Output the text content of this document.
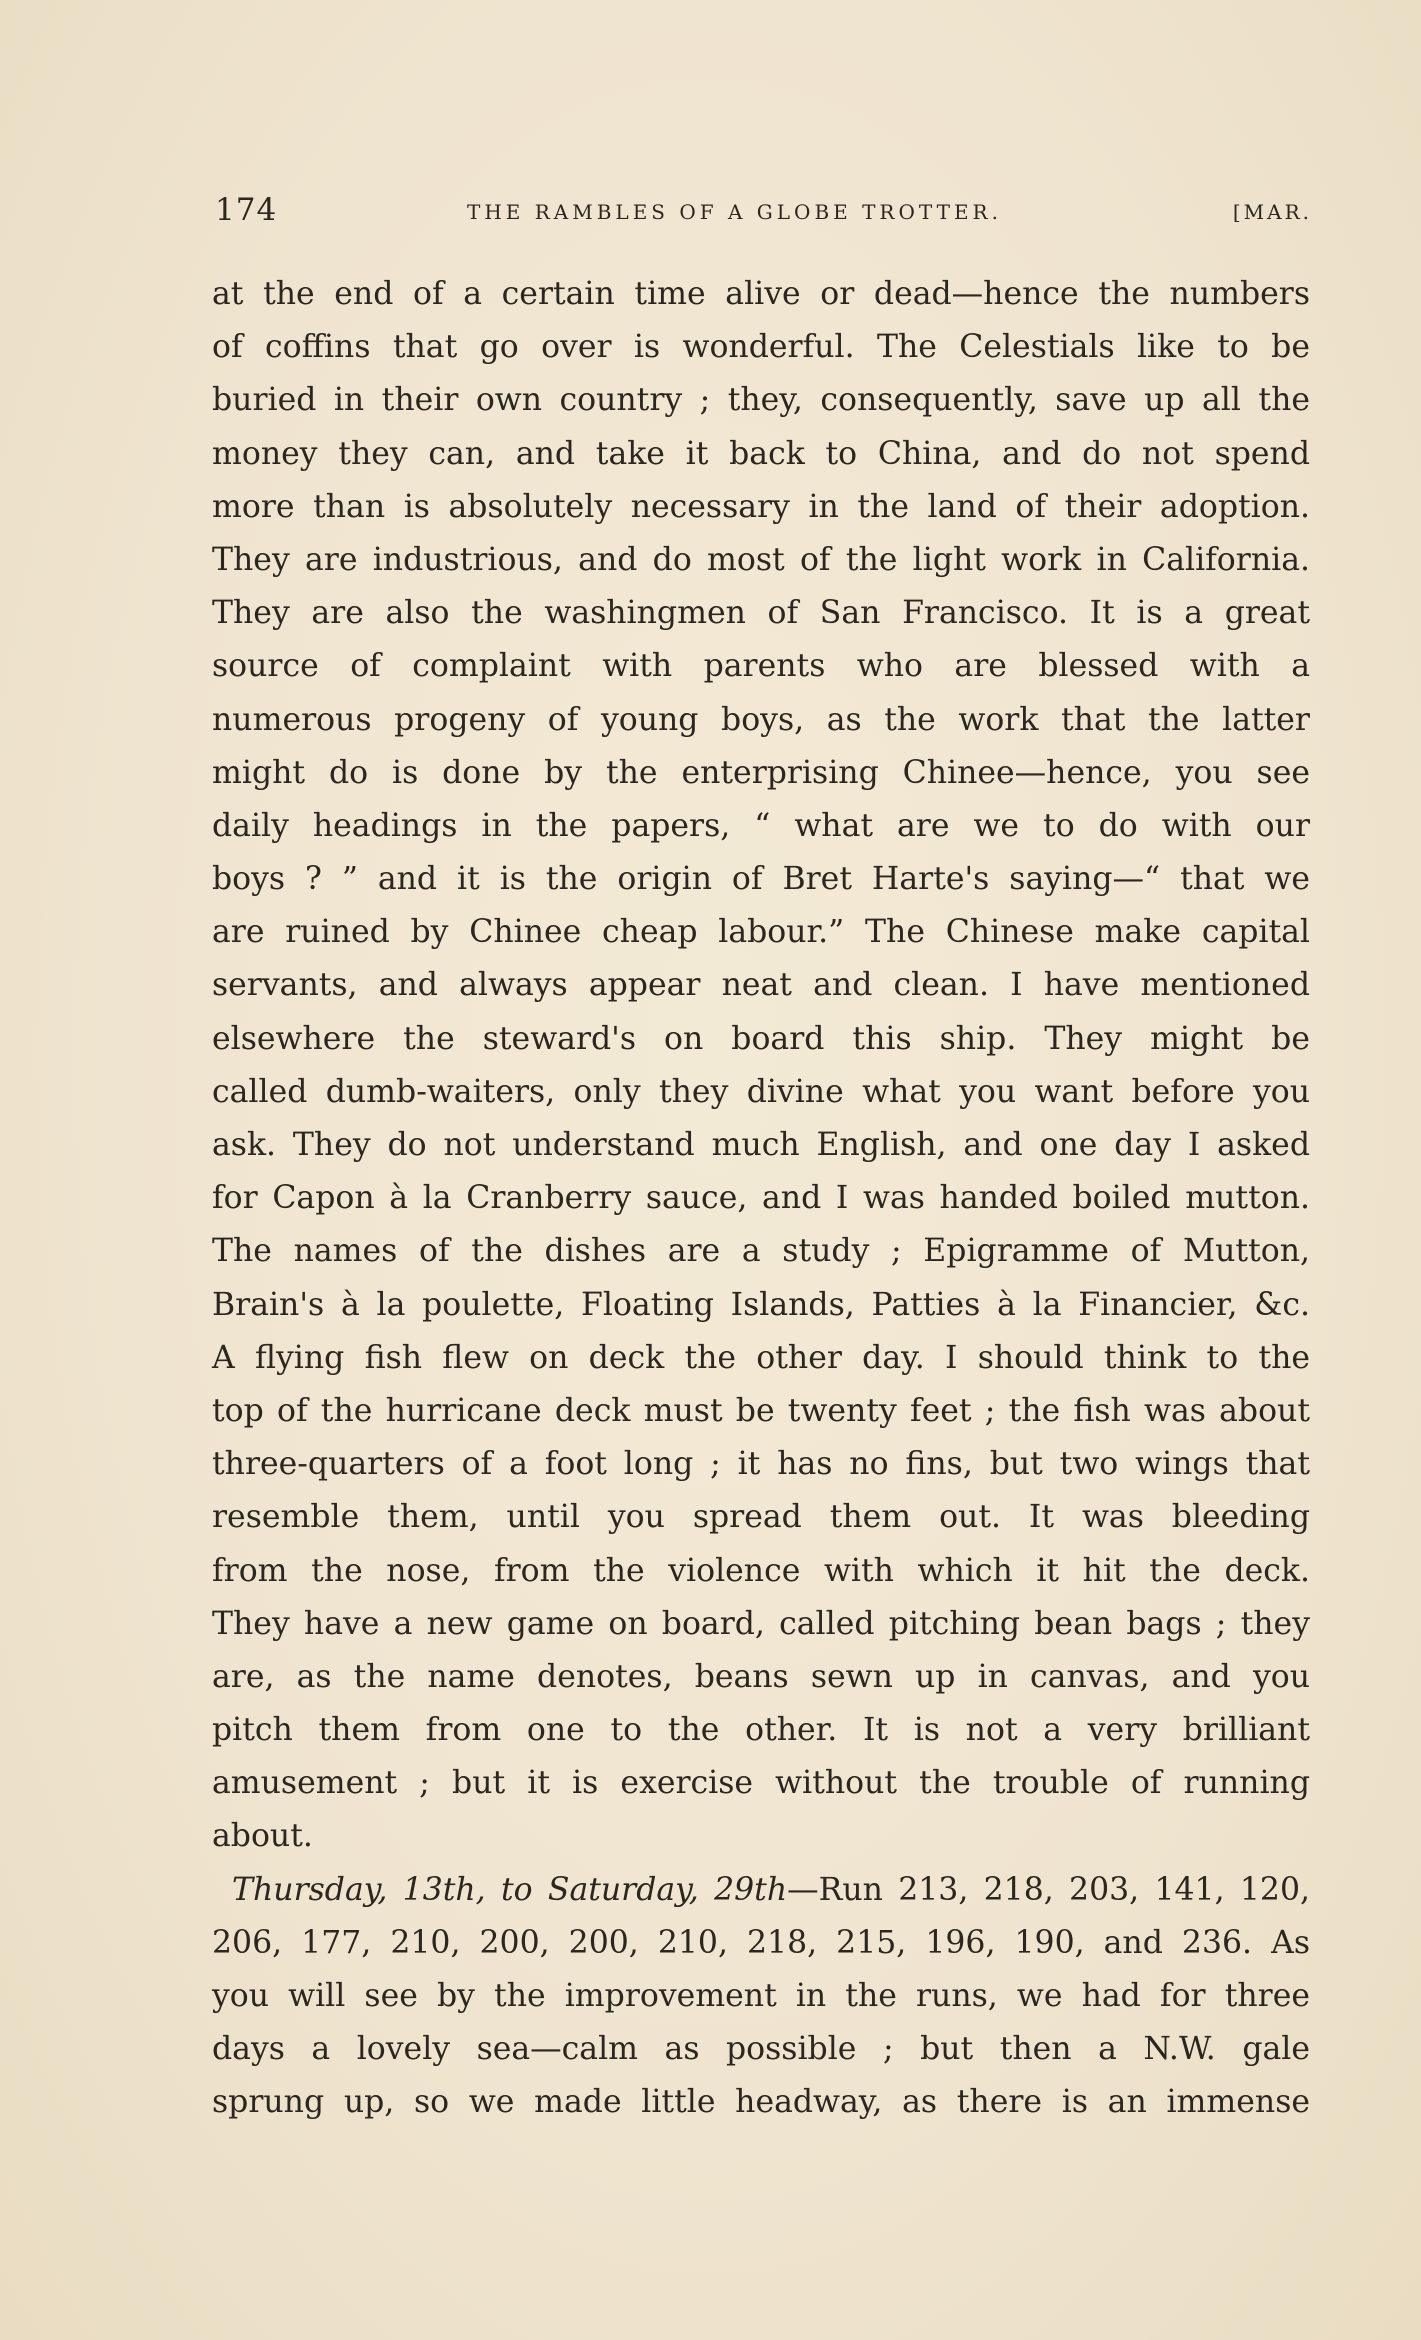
174	THE RAMBLES OF A GLOBE TROTTER.	[MAR.
at the end of a certain time alive or dead—hence the numbers
of coffins that go over is wonderful. The Celestials like to be
buried in their own country ; they, consequently, save up all the
money they can, and take it back to China, and do not spend
more than is absolutely necessary in the land of their adoption.
They are industrious, and do most of the light work in California.
They are also the washingmen of San Francisco. It is a great
source of complaint with parents who are blessed with a
numerous progeny of young boys, as the work that the latter
might do is done by the enterprising Chinee—hence, you see
daily headings in the papers, “ what are we to do with our
boys ? ” and it is the origin of Bret Harte's saying—“ that we
are ruined by Chinee cheap labour.” The Chinese make capital
servants, and always appear neat and clean. I have mentioned
elsewhere the steward's on board this ship. They might be
called dumb-waiters, only they divine what you want before you
ask. They do not understand much English, and one day I asked
for Capon à la Cranberry sauce, and I was handed boiled mutton.
The names of the dishes are a study ; Epigramme of Mutton,
Brain's à la poulette, Floating Islands, Patties à la Financier, &c.
A flying fish flew on deck the other day. I should think to the
top of the hurricane deck must be twenty feet ; the fish was about
three-quarters of a foot long ; it has no fins, but two wings that
resemble them, until you spread them out. It was bleeding
from the nose, from the violence with which it hit the deck.
They have a new game on board, called pitching bean bags ; they
are, as the name denotes, beans sewn up in canvas, and you
pitch them from one to the other. It is not a very brilliant
amusement ; but it is exercise without the trouble of running
about.
Thursday, 13th, to Saturday, 29th—Run 213, 218, 203, 141, 120,
206, 177, 210, 200, 200, 210, 218, 215, 196, 190, and 236. As
you will see by the improvement in the runs, we had for three
days a lovely sea—calm as possible ; but then a N.W. gale
sprung up, so we made little headway, as there is an immense
